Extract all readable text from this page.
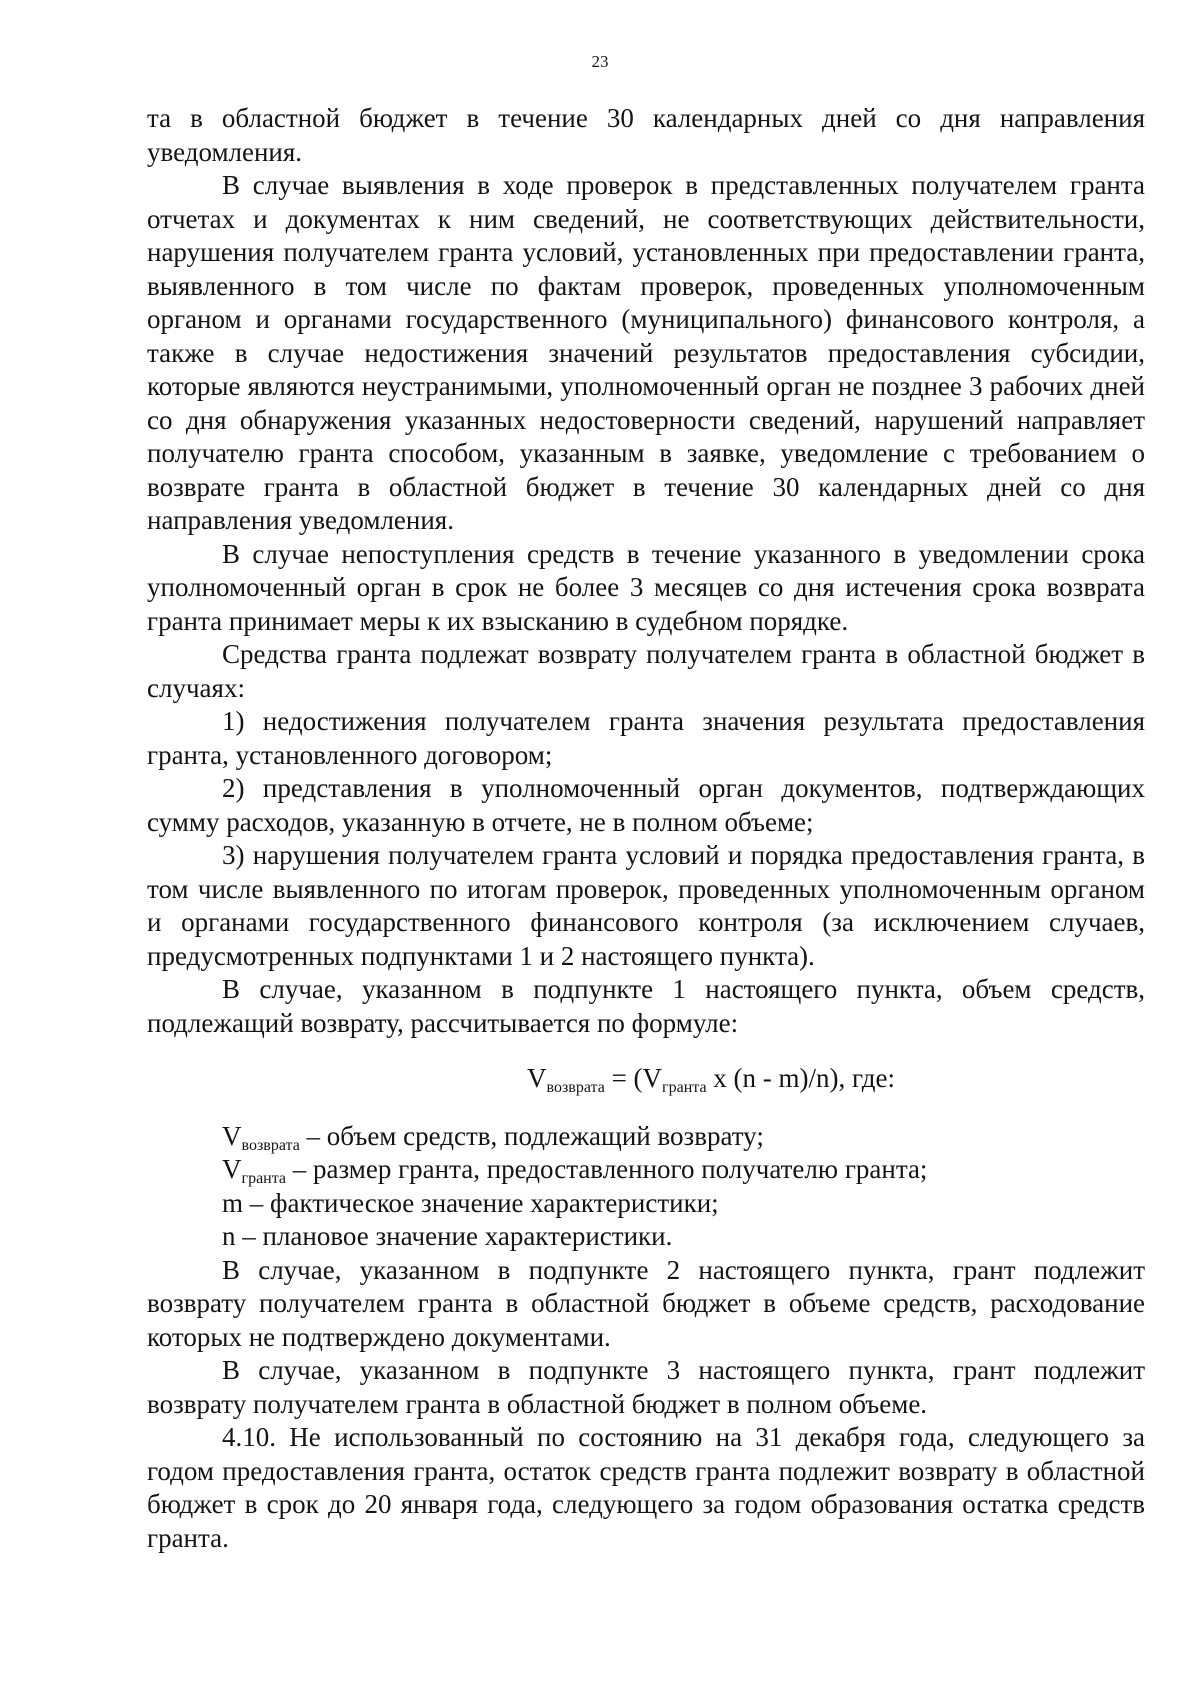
23

та в областной бюджет в течение 30 календарных дней со дня направления уведомления.

В случае выявления в ходе проверок в представленных получателем гранта отчетах и документах к ним сведений, не соответствующих действительности, нарушения получателем гранта условий, установленных при предоставлении гранта, выявленного в том числе по фактам проверок, проведенных уполномоченным органом и органами государственного (муниципального) финансового контроля, а также в случае недостижения значений результатов предоставления субсидии, которые являются неустранимыми, уполномоченный орган не позднее 3 рабочих дней со дня обнаружения указанных недостоверности сведений, нарушений направляет получателю гранта способом, указанным в заявке, уведомление с требованием о возврате гранта в областной бюджет в течение 30 календарных дней со дня направления уведомления.

В случае непоступления средств в течение указанного в уведомлении срока уполномоченный орган в срок не более 3 месяцев со дня истечения срока возврата гранта принимает меры к их взысканию в судебном порядке.

Средства гранта подлежат возврату получателем гранта в областной бюджет в случаях:

1) недостижения получателем гранта значения результата предоставления гранта, установленного договором;

2) представления в уполномоченный орган документов, подтверждающих сумму расходов, указанную в отчете, не в полном объеме;

3) нарушения получателем гранта условий и порядка предоставления гранта, в том числе выявленного по итогам проверок, проведенных уполномоченным органом и органами государственного финансового контроля (за исключением случаев, предусмотренных подпунктами 1 и 2 настоящего пункта).

В случае, указанном в подпункте 1 настоящего пункта, объем средств, подлежащий возврату, рассчитывается по формуле:

$V_{возврата} = (V_{гранта}$ x (n - m)/n), где:

$V_{возврата}$ – объем средств, подлежащий возврату;

$V_{гранта}$ – размер гранта, предоставленного получателю гранта;

m – фактическое значение характеристики;

n – плановое значение характеристики.

В случае, указанном в подпункте 2 настоящего пункта, грант подлежит возврату получателем гранта в областной бюджет в объеме средств, расходование которых не подтверждено документами.

В случае, указанном в подпункте 3 настоящего пункта, грант подлежит возврату получателем гранта в областной бюджет в полном объеме.

4.10. Не использованный по состоянию на 31 декабря года, следующего за годом предоставления гранта, остаток средств гранта подлежит возврату в областной бюджет в срок до 20 января года, следующего за годом образования остатка средств гранта.
